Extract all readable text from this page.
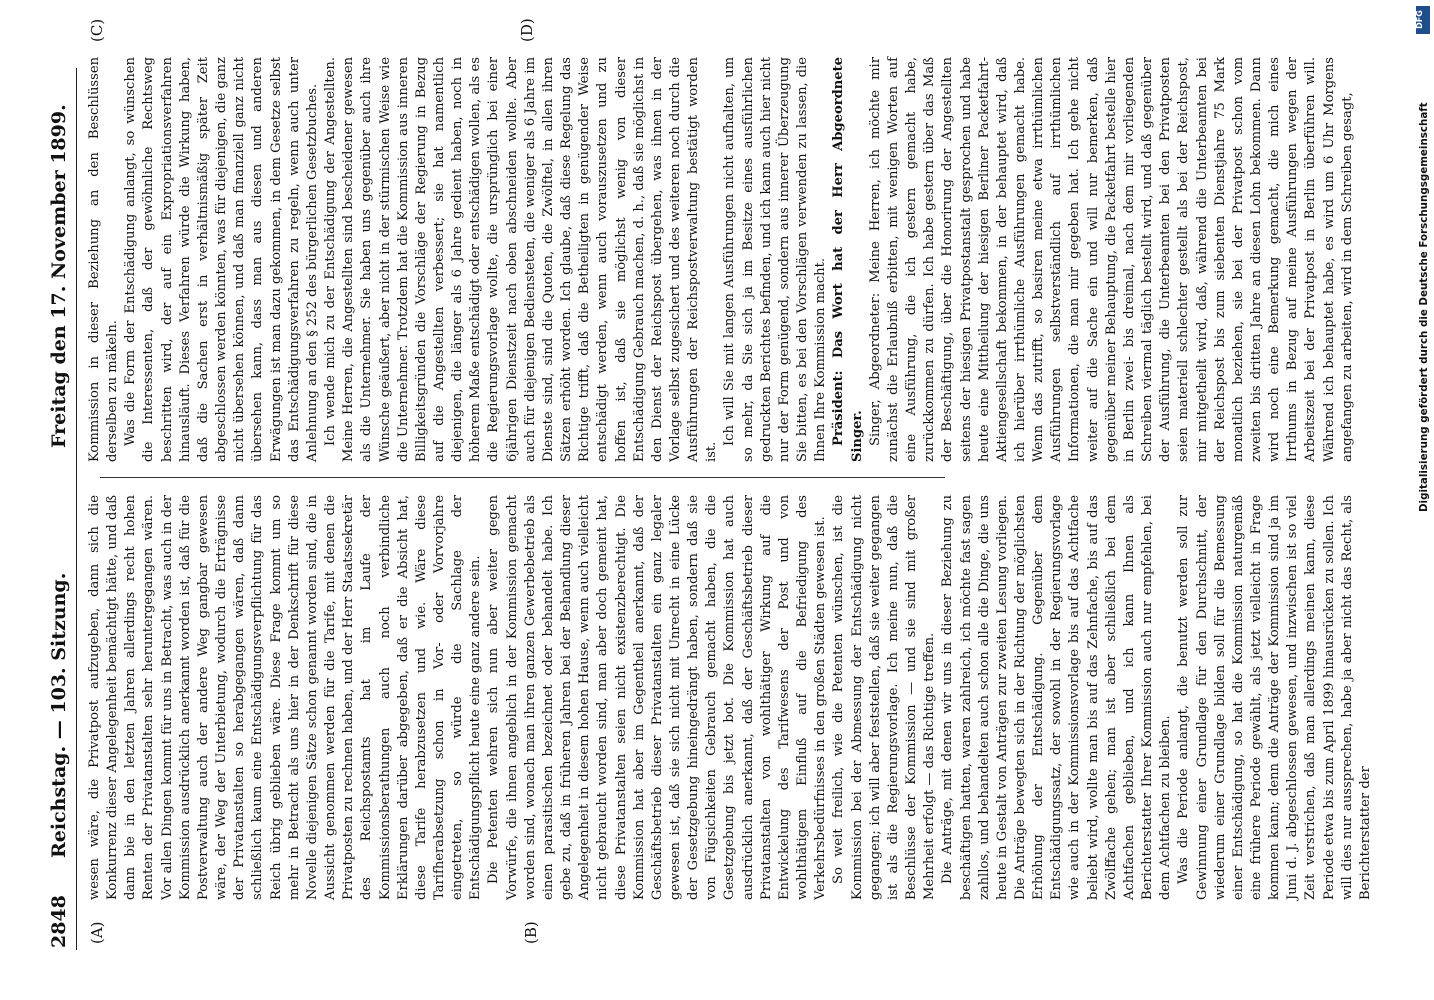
2848
Reichstag. — 103. Sitzung.
Freitag den 17. November 1899.
(A)	(B)
(C)	(D)

wesen wäre, die Privatpost aufzugeben, dann sich die Konkurrenz dieser Angelegenheit bemächtigt hätte, und daß dann bie in den letzten Jahren allerdings recht hohen Renten der Privatanstalten sehr heruntergegangen wären. Vor allen Dingen kommt für uns in Betracht, was auch in der Kommission ausdrücklich anerkannt worden ist, daß für die Postverwaltung auch der andere Weg gangbar gewesen wäre, der Weg der Unterbietung, wodurch die Erträgnisse der Privatanstalten so herabgegangen wären, daß dann schließlich kaum eine Entschädigungsverpflichtung für das Reich übrig geblieben wäre. Diese Frage kommt um so mehr in Betracht als uns hier in der Denkschrift für diese Novelle diejenigen Sätze schon genannt worden sind, die in Aussicht genommen werden für die Tarife, mit denen die Privatposten zu rechnen haben, und der Herr Staatssekretär des Reichspostamts hat im Laufe der Kommissionsberathungen auch noch verbindliche Erklärungen darüber abgegeben, daß er die Absicht hat, diese Tarife herabzusetzen und wie. Wäre diese Tarifherabsetzung schon in Vor- oder Vorvorjahre eingetreten, so würde die Sachlage der Entschädigungspflicht heute eine ganz andere sein. Die Petenten wehren sich nun aber weiter gegen Vorwürfe, die ihnen angeblich in der Kommission gemacht worden sind, wonach man ihren ganzen Gewerbebetrieb als einen parasitischen bezeichnet oder behandelt habe. Ich gebe zu, daß in früheren Jahren bei der Behandlung dieser Angelegenheit in diesem hohen Hause, wenn auch vielleicht nicht gebraucht worden sind, man aber doch gemeint hat, diese Privatanstalten seien nicht existenzberechtigt. Die Kommission hat aber im Gegentheil anerkannt, daß der Geschäftsbetrieb dieser Privatanstalten ein ganz legaler gewesen ist, daß sie sich nicht mit Unrecht in eine Lücke der Gesetzgebung hineingedrängt haben, sondern daß sie von Fügsichkeiten Gebrauch gemacht haben, die die Gesetzgebung bis jetzt bot. Die Kommission hat auch ausdrücklich anerkannt, daß der Geschäftsbetrieb dieser Privatanstalten von wohlthätiger Wirkung auf die Entwickelung des Tarifwesens der Post und von wohlthätigem Einfluß auf die Befriedigung des Verkehrsbedürfnisses in den großen Städten gewesen ist. So weit freilich, wie die Petenten wünschen, ist die Kommission bei der Abmessung der Entschädigung nicht gegangen; ich will aber feststellen, daß sie weiter gegangen ist als die Regierungsvorlage. Ich meine nun, daß die Beschlüsse der Kommission — und sie sind mit großer Mehrheit erfolgt — das Richtige treffen. Die Anträge, mit denen wir uns in dieser Beziehung zu beschäftigen hatten, waren zahlreich, ich möchte fast sagen zahllos, und behandelten auch schon alle die Dinge, die uns heute in Gestalt von Anträgen zur zweiten Lesung vorliegen. Die Anträge bewegten sich in der Richtung der möglichsten Erhöhung der Entschädigung. Gegenüber dem Entschädigungssatz, der sowohl in der Regierungsvorlage wie auch in der Kommissionsvorlage bis auf das Achtfache beliebt wird, wollte man bis auf das Zehnfache, bis auf das Zwölffache gehen; man ist aber schließlich bei dem Achtfachen geblieben, und ich kann Ihnen als Berichterstatter Ihrer Kommission auch nur empfehlen, bei dem Achtfachen zu bleiben. Was die Periode anlangt, die benutzt werden soll zur Gewinnung einer Grundlage für den Durchschnitt, der wiederum einer Grundlage bilden soll für die Bemessung einer Entschädigung, so hat die Kommission naturgemäß eine frühere Periode gewählt, als jetzt vielleicht in Frage kommen kann; denn die Anträge der Kommission sind ja im Juni d. J. abgeschlossen gewesen, und inzwischen ist so viel Zeit verstrichen, daß man allerdings meinen kann, diese Periode etwa bis zum April 1899 hinausrücken zu sollen. Ich will dies nur aussprechen, habe ja aber nicht das Recht, als Berichterstatter der

Kommission in dieser Beziehung an den Beschlüssen derselben zu mäkeln. Was die Form der Entschädigung anlangt, so wünschen die Interessenten, daß der gewöhnliche Rechtsweg beschritten wird, der auf ein Expropriationsverfahren hinausläuft. Dieses Verfahren würde die Wirkung haben, daß die Sachen erst in verhältnismäßig später Zeit abgeschlossen werden könnten, was für diejenigen, die ganz nicht übersehen können, und daß man finanziell ganz nicht übersehen kann, dass man aus diesen und anderen Erwägungen ist man dazu gekommen, in dem Gesetze selbst das Entschädigungsverfahren zu regeln, wenn auch unter Anlehnung an den § 252 des bürgerlichen Gesetzbuches. Ich wende mich zu der Entschädigung der Angestellten. Meine Herren, die Angestellten sind bescheidener gewesen als die Unternehmer. Sie haben uns gegenüber auch ihre Wünsche geäußert, aber nicht in der stürmischen Weise wie die Unternehmer. Trotzdem hat die Kommission aus inneren Billigkeitsgründen die Vorschläge der Regierung in Bezug auf die Angestellten verbessert; sie hat namentlich diejenigen, die länger als 6 Jahre gedient haben, noch in höherem Maße entschädigt oder entschädigen wollen, als es die Regierungsvorlage wollte, die ursprünglich bei einer 6jährigen Dienstzeit nach oben abschneiden wollte. Aber auch für diejenigen Bediensteten, die weniger als 6 Jahre im Dienste sind, sind die Quoten, die Zwölftel, in allen ihren Sätzen erhöht worden. Ich glaube, daß diese Regelung das Richtige trifft, daß die Betheiligten in genügender Weise entschädigt werden, wenn auch vorauszusetzen und zu hoffen ist, daß sie möglichst wenig von dieser Entschädigung Gebrauch machen, d. h., daß sie möglichst in den Dienst der Reichspost übergehen, was ihnen in der Vorlage selbst zugesichert und des weiteren noch durch die Ausführungen der Reichspostverwaltung bestätigt worden ist.

Ich will Sie mit langen Ausführungen nicht aufhalten, um so mehr, da Sie sich ja im Besitze eines ausführlichen gedruckten Berichtes befinden, und ich kann auch hier nicht nur der Form genügend, sondern aus innerer Überzeugung Sie bitten, es bei den Vorschlägen verwenden zu lassen, die Ihnen Ihre Kommission macht. Präsident: Das Wort hat der Herr Abgeordnete Singer. Singer, Abgeordneter: Meine Herren, ich möchte mir zunächst die Erlaubniß erbitten, mit wenigen Worten auf eine Ausführung, die ich gestern gemacht habe, zurückkommen zu dürfen. Ich habe gestern über das Maß der Beschäftigung, über die Honorirung der Angestellten seitens der hiesigen Privatpostanstalt gesprochen und habe heute eine Mittheilung der hiesigen Berliner Packetfahrt-Aktiengesellschaft bekommen, in der behauptet wird, daß ich hierüber irrthümliche Ausführungen gemacht habe. Wenn das zutrifft, so basiren meine etwa irrthümlichen Ausführungen selbstverständlich auf irrthümlichen Informationen, die man mir gegeben hat. Ich gehe nicht weiter auf die Sache ein und will nur bemerken, daß gegenüber meiner Behauptung, die Packetfahrt bestelle hier in Berlin zwei- bis dreimal, nach dem mir vorliegenden Schreiben viermal täglich bestellt wird, und daß gegenüber der Ausführung, die Unterbeamten bei den Privatposten seien materiell schlechter gestellt als bei der Reichspost, mir mitgetheilt wird, daß, während die Unterbeamten bei der Reichspost bis zum siebenten Dienstjahre 75 Mark monatlich beziehen, sie bei der Privatpost schon vom zweiten bis dritten Jahre an diesen Lohn bekommen. Dann wird noch eine Bemerkung gemacht, die mich eines Irrthums in Bezug auf meine Ausführungen wegen der Arbeitszeit bei der Privatpost in Berlin überführen will. Während ich behauptet habe, es wird um 6 Uhr Morgens angefangen zu arbeiten, wird in dem Schreiben gesagt,

DFG
Digitalisierung gefördert durch die Deutsche Forschungsgemeinschaft
